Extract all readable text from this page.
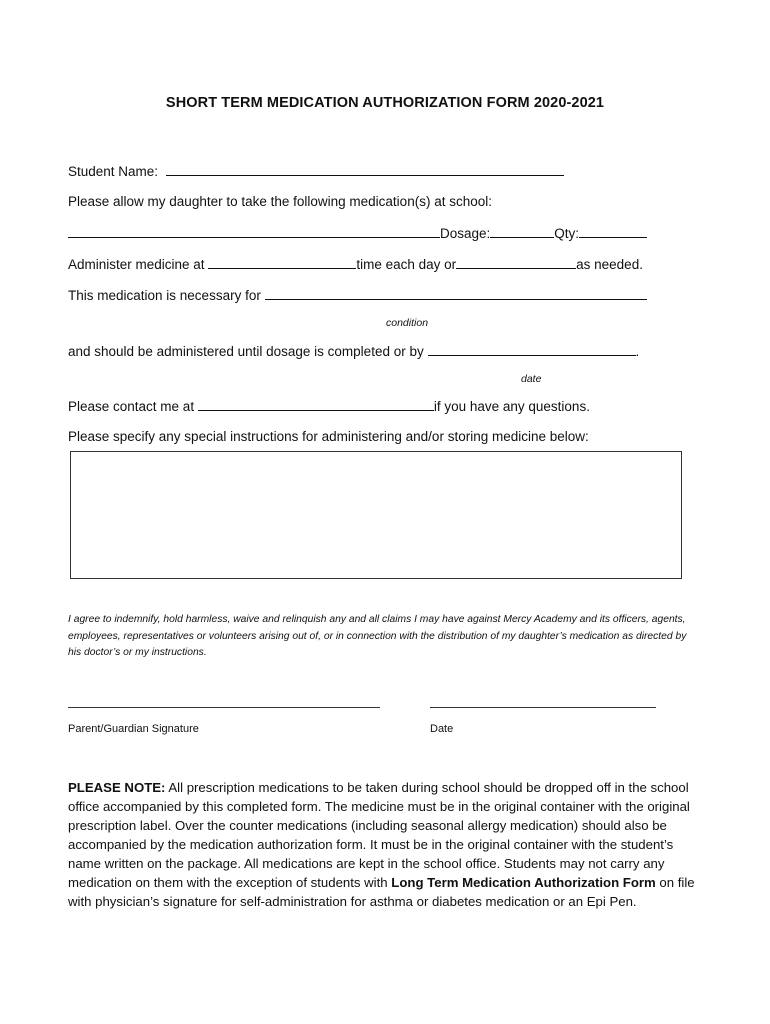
SHORT TERM MEDICATION AUTHORIZATION FORM 2020-2021
Student Name:
Please allow my daughter to take the following medication(s) at school:
Dosage:	Qty:
Administer medicine at	time each day or	as needed.
This medication is necessary for
condition
and should be administered until dosage is completed or by	.
date
Please contact me at	if you have any questions.
Please specify any special instructions for administering and/or storing medicine below:
I agree to indemnify, hold harmless, waive and relinquish any and all claims I may have against Mercy Academy and its officers, agents, employees, representatives or volunteers arising out of, or in connection with the distribution of my daughter’s medication as directed by his doctor’s or my instructions.
Parent/Guardian Signature	Date
PLEASE NOTE: All prescription medications to be taken during school should be dropped off in the school office accompanied by this completed form. The medicine must be in the original container with the original prescription label. Over the counter medications (including seasonal allergy medication) should also be accompanied by the medication authorization form. It must be in the original container with the student’s name written on the package. All medications are kept in the school office. Students may not carry any medication on them with the exception of students with Long Term Medication Authorization Form on file with physician’s signature for self-administration for asthma or diabetes medication or an Epi Pen.
